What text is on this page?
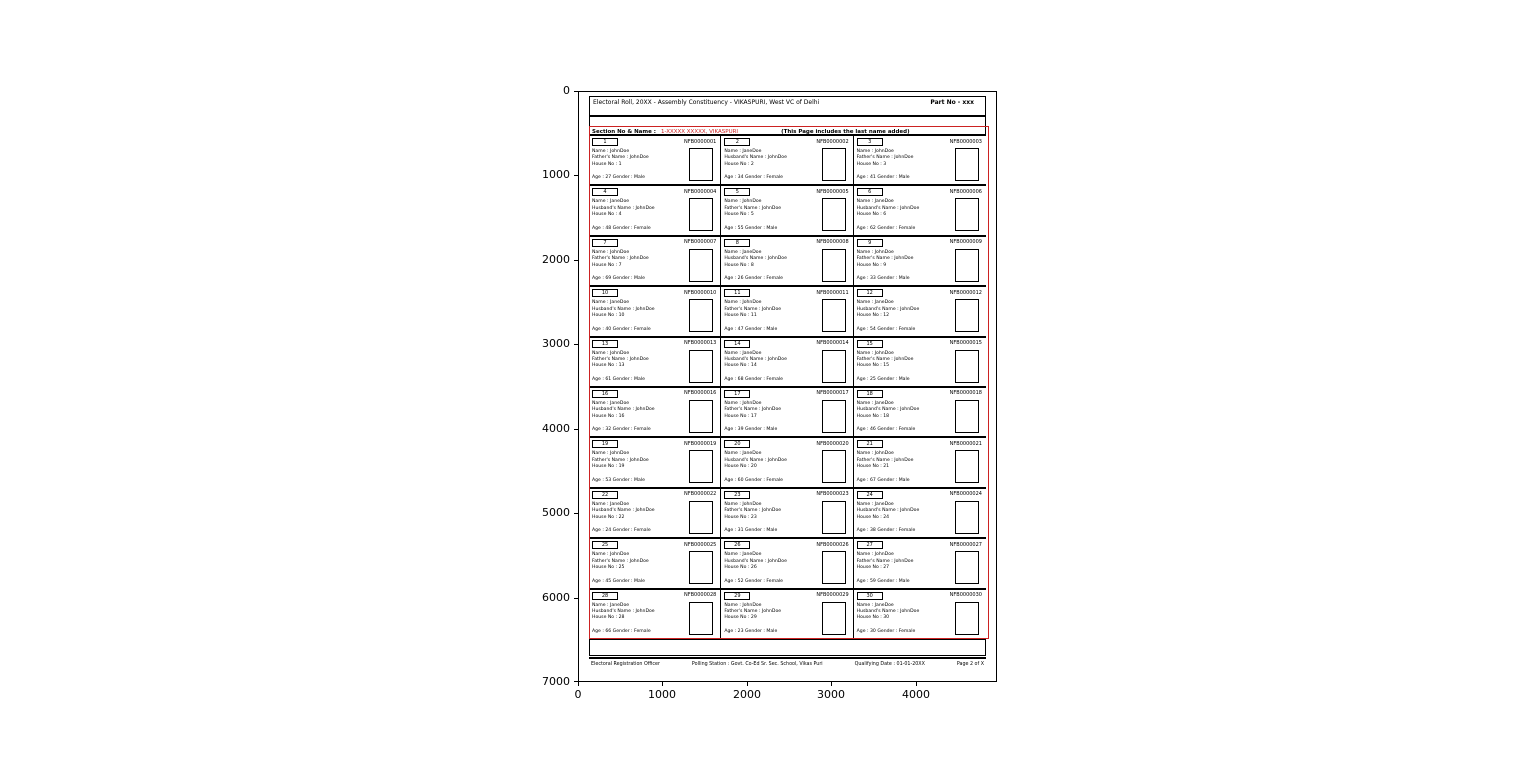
0
1000
2000
3000
4000
5000
6000
7000
0	1000	2000	3000	4000
Electoral Roll, 20XX - Assembly Constituency - VIKASPURI, West VC of Delhi	Part No - xxx
Section No & Name : 1-XXXXX XXXXX, VIKASPURI	(This Page includes the last name added)
1	NFB0000001
Name : JohnDoe
Father's Name : JohnDoe
House No : 1
Age : 27 Gender : Male
2	NFB0000002
Name : JaneDoe
Husband's Name : JohnDoe
House No : 2
Age : 34 Gender : Female
3	NFB0000003
Name : JohnDoe
Father's Name : JohnDoe
House No : 3
Age : 41 Gender : Male
4	NFB0000004
Name : JaneDoe
Husband's Name : JohnDoe
House No : 4
Age : 48 Gender : Female
5	NFB0000005
Name : JohnDoe
Father's Name : JohnDoe
House No : 5
Age : 55 Gender : Male
6	NFB0000006
Name : JaneDoe
Husband's Name : JohnDoe
House No : 6
Age : 62 Gender : Female
7	NFB0000007
Name : JohnDoe
Father's Name : JohnDoe
House No : 7
Age : 69 Gender : Male
8	NFB0000008
Name : JaneDoe
Husband's Name : JohnDoe
House No : 8
Age : 26 Gender : Female
9	NFB0000009
Name : JohnDoe
Father's Name : JohnDoe
House No : 9
Age : 33 Gender : Male
10	NFB0000010
Name : JaneDoe
Husband's Name : JohnDoe
House No : 10
Age : 40 Gender : Female
11	NFB0000011
Name : JohnDoe
Father's Name : JohnDoe
House No : 11
Age : 47 Gender : Male
12	NFB0000012
Name : JaneDoe
Husband's Name : JohnDoe
House No : 12
Age : 54 Gender : Female
13	NFB0000013
Name : JohnDoe
Father's Name : JohnDoe
House No : 13
Age : 61 Gender : Male
14	NFB0000014
Name : JaneDoe
Husband's Name : JohnDoe
House No : 14
Age : 68 Gender : Female
15	NFB0000015
Name : JohnDoe
Father's Name : JohnDoe
House No : 15
Age : 25 Gender : Male
16	NFB0000016
Name : JaneDoe
Husband's Name : JohnDoe
House No : 16
Age : 32 Gender : Female
17	NFB0000017
Name : JohnDoe
Father's Name : JohnDoe
House No : 17
Age : 39 Gender : Male
18	NFB0000018
Name : JaneDoe
Husband's Name : JohnDoe
House No : 18
Age : 46 Gender : Female
19	NFB0000019
Name : JohnDoe
Father's Name : JohnDoe
House No : 19
Age : 53 Gender : Male
20	NFB0000020
Name : JaneDoe
Husband's Name : JohnDoe
House No : 20
Age : 60 Gender : Female
21	NFB0000021
Name : JohnDoe
Father's Name : JohnDoe
House No : 21
Age : 67 Gender : Male
22	NFB0000022
Name : JaneDoe
Husband's Name : JohnDoe
House No : 22
Age : 24 Gender : Female
23	NFB0000023
Name : JohnDoe
Father's Name : JohnDoe
House No : 23
Age : 31 Gender : Male
24	NFB0000024
Name : JaneDoe
Husband's Name : JohnDoe
House No : 24
Age : 38 Gender : Female
25	NFB0000025
Name : JohnDoe
Father's Name : JohnDoe
House No : 25
Age : 45 Gender : Male
26	NFB0000026
Name : JaneDoe
Husband's Name : JohnDoe
House No : 26
Age : 52 Gender : Female
27	NFB0000027
Name : JohnDoe
Father's Name : JohnDoe
House No : 27
Age : 59 Gender : Male
28	NFB0000028
Name : JaneDoe
Husband's Name : JohnDoe
House No : 28
Age : 66 Gender : Female
29	NFB0000029
Name : JohnDoe
Father's Name : JohnDoe
House No : 29
Age : 23 Gender : Male
30	NFB0000030
Name : JaneDoe
Husband's Name : JohnDoe
House No : 30
Age : 30 Gender : Female
Electoral Registration Officer	Polling Station : Govt. Co-Ed Sr. Sec. School, Vikas Puri	Qualifying Date : 01-01-20XX	Page 2 of X
